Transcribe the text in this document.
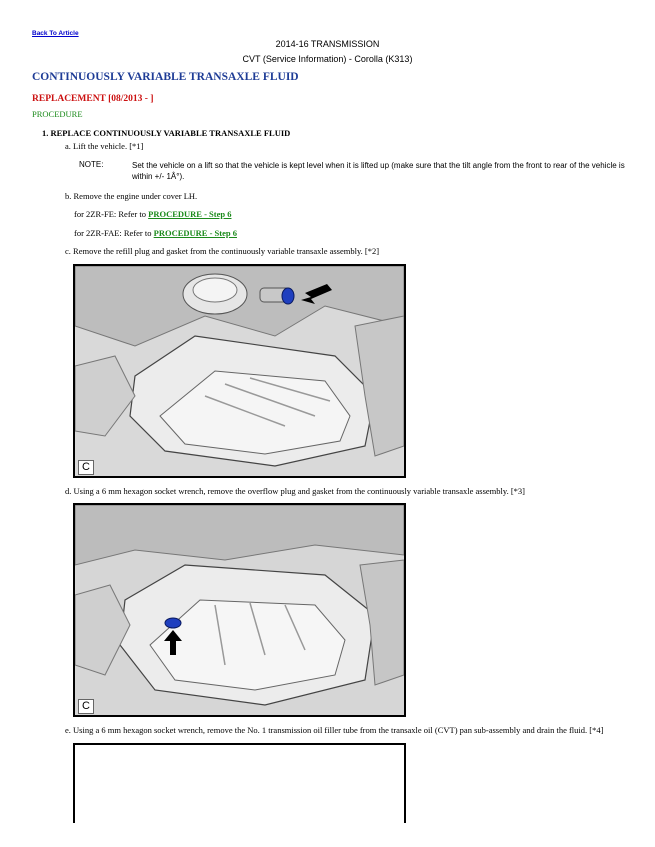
Back To Article
2014-16 TRANSMISSION
CVT (Service Information) - Corolla (K313)
CONTINUOUSLY VARIABLE TRANSAXLE FLUID
REPLACEMENT [08/2013 - ]
PROCEDURE
1. REPLACE CONTINUOUSLY VARIABLE TRANSAXLE FLUID
a. Lift the vehicle. [*1]
NOTE:	Set the vehicle on a lift so that the vehicle is kept level when it is lifted up (make sure that the tilt angle from the front to rear of the vehicle is within +/- 1Â°).
b. Remove the engine under cover LH.
for 2ZR-FE: Refer to PROCEDURE - Step 6
for 2ZR-FAE: Refer to PROCEDURE - Step 6
c. Remove the refill plug and gasket from the continuously variable transaxle assembly. [*2]
C
d. Using a 6 mm hexagon socket wrench, remove the overflow plug and gasket from the continuously variable transaxle assembly. [*3]
C
e. Using a 6 mm hexagon socket wrench, remove the No. 1 transmission oil filler tube from the transaxle oil (CVT) pan sub-assembly and drain the fluid. [*4]
